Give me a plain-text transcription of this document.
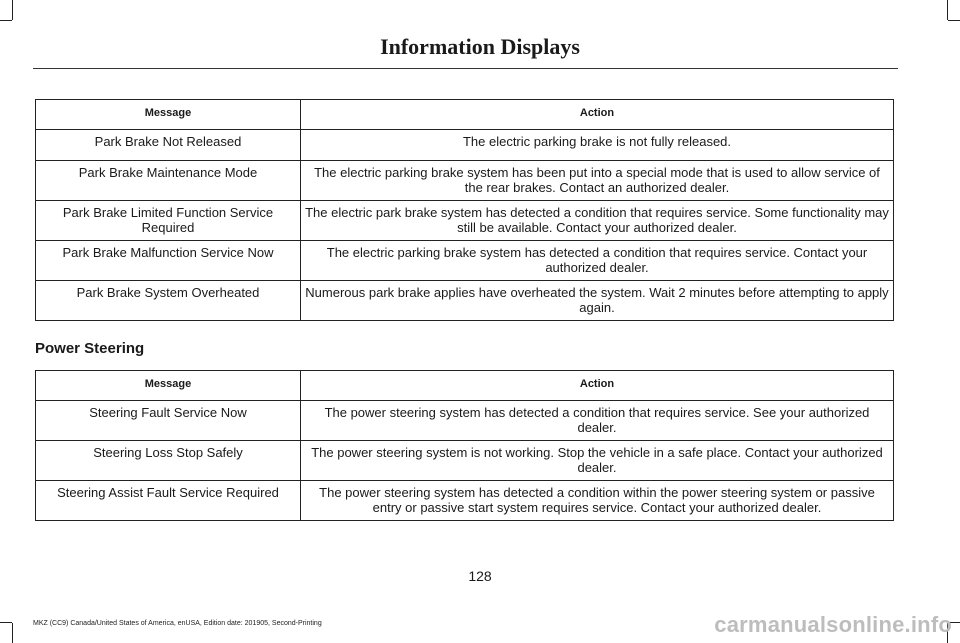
Information Displays
Message	Action
Park Brake Not Released	The electric parking brake is not fully released.
Park Brake Maintenance Mode	The electric parking brake system has been put into a special mode that is used to allow service of the rear brakes. Contact an authorized dealer.
Park Brake Limited Function Service Required	The electric park brake system has detected a condition that requires service. Some functionality may still be available. Contact your authorized dealer.
Park Brake Malfunction Service Now	The electric parking brake system has detected a condition that requires service. Contact your authorized dealer.
Park Brake System Overheated	Numerous park brake applies have overheated the system. Wait 2 minutes before attempting to apply again.
Power Steering
Message	Action
Steering Fault Service Now	The power steering system has detected a condition that requires service. See your authorized dealer.
Steering Loss Stop Safely	The power steering system is not working. Stop the vehicle in a safe place. Contact your authorized dealer.
Steering Assist Fault Service Required	The power steering system has detected a condition within the power steering system or passive entry or passive start system requires service. Contact your authorized dealer.
128
MKZ (CC9) Canada/United States of America, enUSA, Edition date: 201905, Second-Printing	carmanualsonline.info
